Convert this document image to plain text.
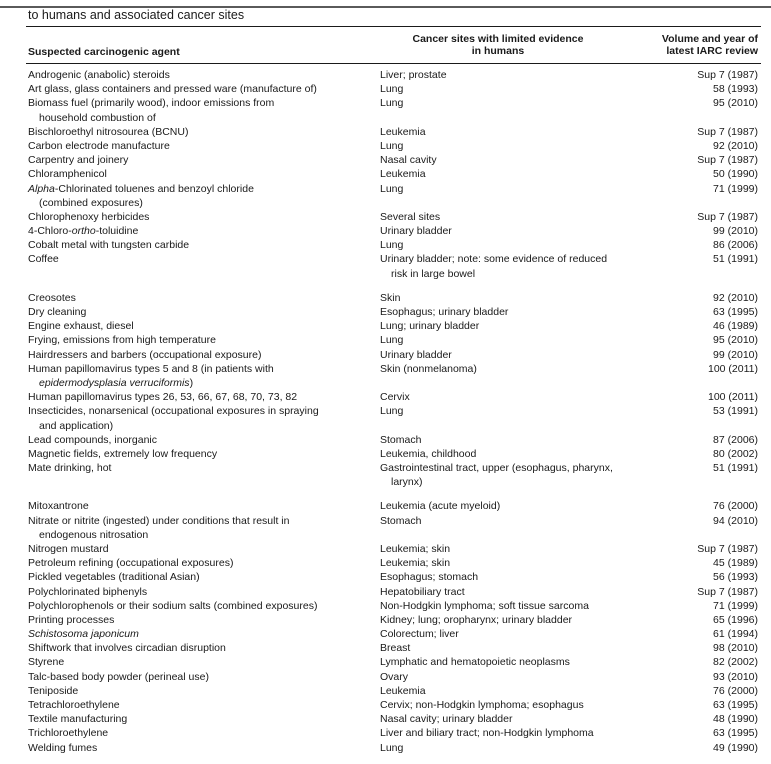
to humans and associated cancer sites
Suspected carcinogenic agent
Cancer sites with limited evidence
in humans
Volume and year of
latest IARC review
Androgenic (anabolic) steroids	Liver; prostate	Sup 7 (1987)
Art glass, glass containers and pressed ware (manufacture of)	Lung	58 (1993)
Biomass fuel (primarily wood), indoor emissions from
household combustion of
Lung	95 (2010)
Bischloroethyl nitrosourea (BCNU)	Leukemia	Sup 7 (1987)
Carbon electrode manufacture	Lung	92 (2010)
Carpentry and joinery	Nasal cavity	Sup 7 (1987)
Chloramphenicol	Leukemia	50 (1990)
Alpha-Chlorinated toluenes and benzoyl chloride
(combined exposures)
Lung	71 (1999)
Chlorophenoxy herbicides	Several sites	Sup 7 (1987)
4-Chloro-ortho-toluidine	Urinary bladder	99 (2010)
Cobalt metal with tungsten carbide	Lung	86 (2006)
Coffee	Urinary bladder; note: some evidence of reduced
risk in large bowel
51 (1991)
Creosotes	Skin	92 (2010)
Dry cleaning	Esophagus; urinary bladder	63 (1995)
Engine exhaust, diesel	Lung; urinary bladder	46 (1989)
Frying, emissions from high temperature	Lung	95 (2010)
Hairdressers and barbers (occupational exposure)	Urinary bladder	99 (2010)
Human papillomavirus types 5 and 8 (in patients with
epidermodysplasia verruciformis)
Skin (nonmelanoma)	100 (2011)
Human papillomavirus types 26, 53, 66, 67, 68, 70, 73, 82	Cervix	100 (2011)
Insecticides, nonarsenical (occupational exposures in spraying
and application)
Lung	53 (1991)
Lead compounds, inorganic	Stomach	87 (2006)
Magnetic fields, extremely low frequency	Leukemia, childhood	80 (2002)
Mate drinking, hot	Gastrointestinal tract, upper (esophagus, pharynx,
larynx)
51 (1991)
Mitoxantrone	Leukemia (acute myeloid)	76 (2000)
Nitrate or nitrite (ingested) under conditions that result in
endogenous nitrosation
Stomach	94 (2010)
Nitrogen mustard	Leukemia; skin	Sup 7 (1987)
Petroleum refining (occupational exposures)	Leukemia; skin	45 (1989)
Pickled vegetables (traditional Asian)	Esophagus; stomach	56 (1993)
Polychlorinated biphenyls	Hepatobiliary tract	Sup 7 (1987)
Polychlorophenols or their sodium salts (combined exposures)	Non-Hodgkin lymphoma; soft tissue sarcoma	71 (1999)
Printing processes	Kidney; lung; oropharynx; urinary bladder	65 (1996)
Schistosoma japonicum	Colorectum; liver	61 (1994)
Shiftwork that involves circadian disruption	Breast	98 (2010)
Styrene	Lymphatic and hematopoietic neoplasms	82 (2002)
Talc-based body powder (perineal use)	Ovary	93 (2010)
Teniposide	Leukemia	76 (2000)
Tetrachloroethylene	Cervix; non-Hodgkin lymphoma; esophagus	63 (1995)
Textile manufacturing	Nasal cavity; urinary bladder	48 (1990)
Trichloroethylene	Liver and biliary tract; non-Hodgkin lymphoma	63 (1995)
Welding fumes	Lung	49 (1990)
